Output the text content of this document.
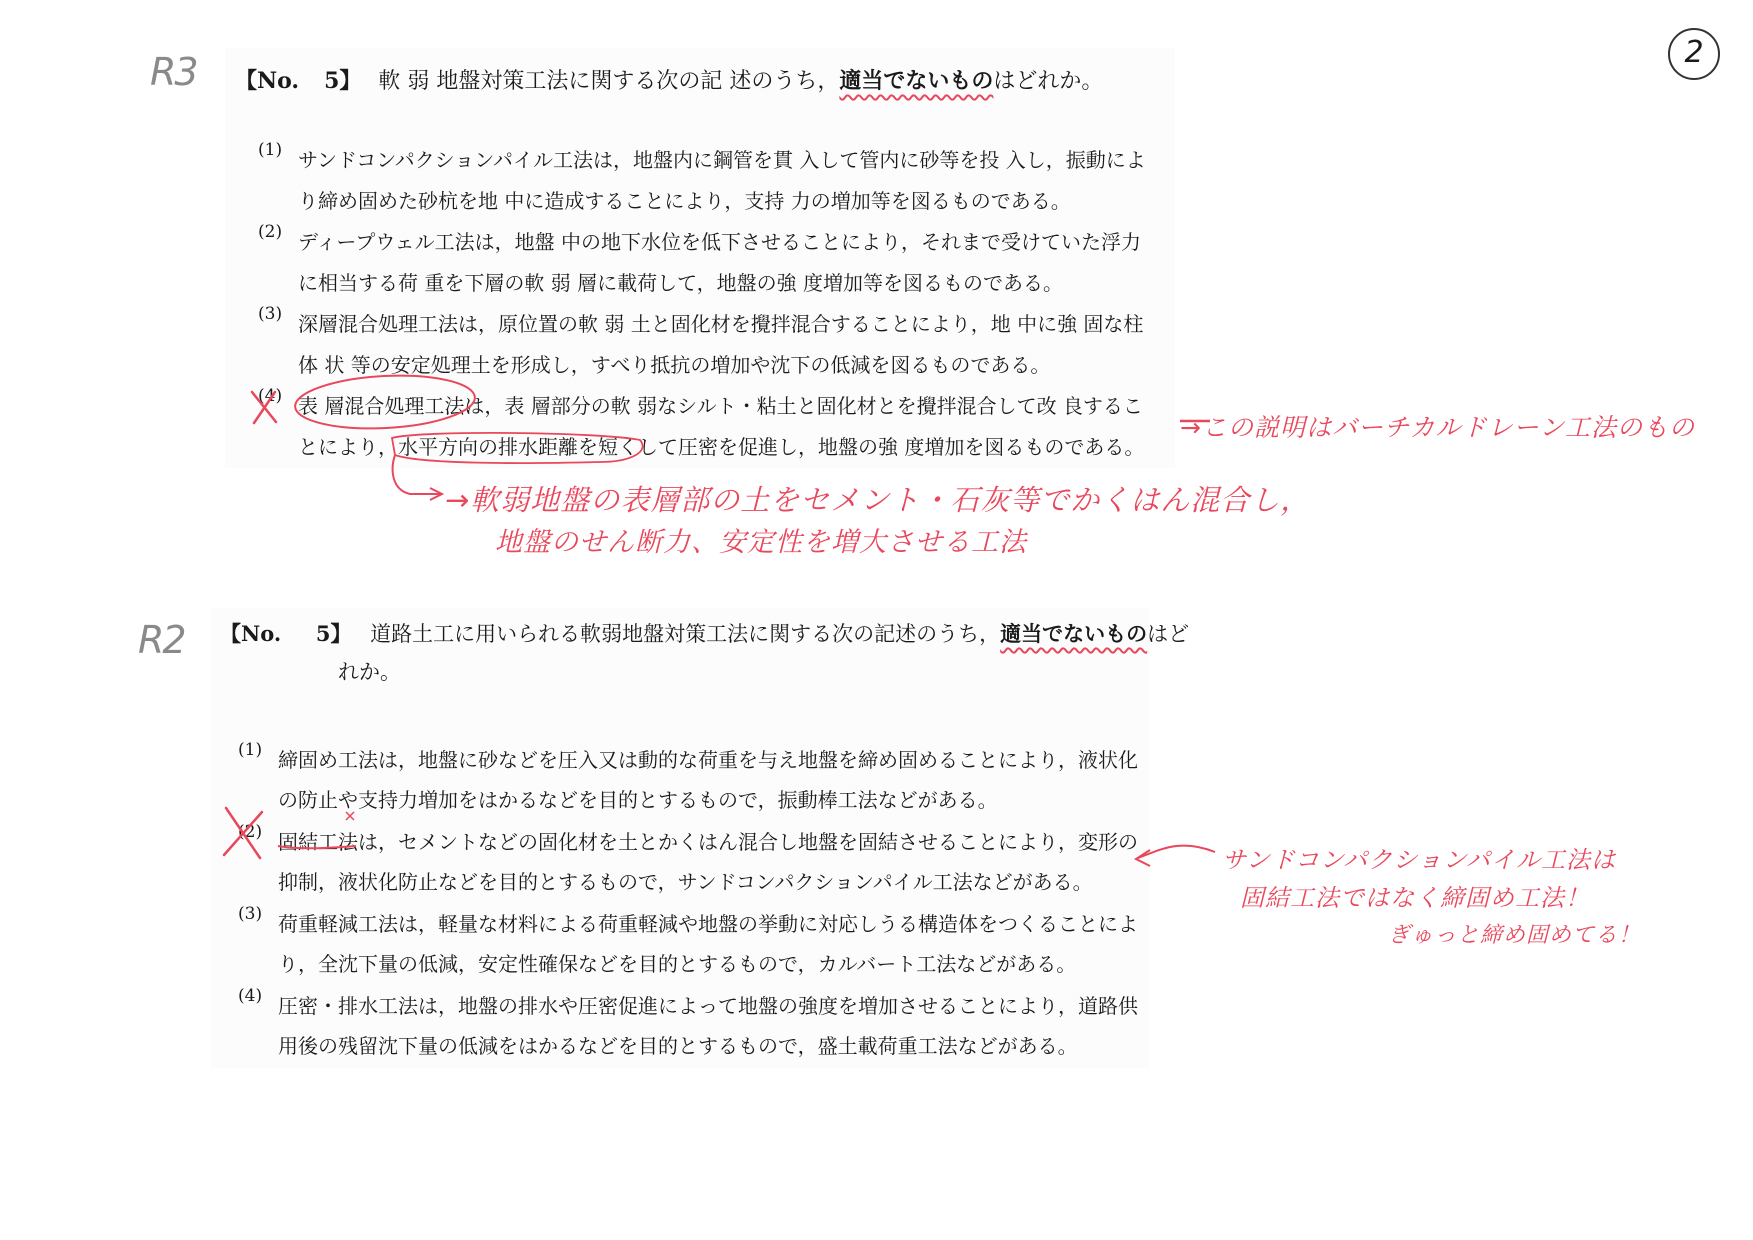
2
R3 【No. 5】 軟 弱 地盤対策工法に関する次の記 述のうち，適当でないものはどれか。
(1) サンドコンパクションパイル工法は，地盤内に鋼管を貫 入して管内に砂等を投 入し，振動により締め固めた砂杭を地 中に造成することにより，支持 力の増加等を図るものである。
(2) ディープウェル工法は，地盤 中の地下水位を低下させることにより，それまで受けていた浮力に相当する荷 重を下層の軟 弱 層に載荷して，地盤の強 度増加等を図るものである。
(3) 深層混合処理工法は，原位置の軟 弱 土と固化材を攪拌混合することにより，地 中に強 固な柱体 状 等の安定処理土を形成し，すべり抵抗の増加や沈下の低減を図るものである。
(4) 表 層混合処理工法は，表 層部分の軟 弱なシルト・粘土と固化材とを攪拌混合して改 良することにより，水平方向の排水距離を短くして圧密を促進し，地盤の強 度増加を図るものである。
→この説明はバーチカルドレーン工法のもの
→軟弱地盤の表層部の土をセメント・石灰等でかくはん混合し，
地盤のせん断力、安定性を増大させる工法
R2 【No. 5】 道路土工に用いられる軟弱地盤対策工法に関する次の記述のうち，適当でないものはど
れか。
(1) 締固め工法は，地盤に砂などを圧入又は動的な荷重を与え地盤を締め固めることにより，液状化の防止や支持力増加をはかるなどを目的とするもので，振動棒工法などがある。
(2) 固結工法は，セメントなどの固化材を土とかくはん混合し地盤を固結させることにより，変形の抑制，液状化防止などを目的とするもので，サンドコンパクションパイル工法などがある。
(3) 荷重軽減工法は，軽量な材料による荷重軽減や地盤の挙動に対応しうる構造体をつくることにより，全沈下量の低減，安定性確保などを目的とするもので，カルバート工法などがある。
(4) 圧密・排水工法は，地盤の排水や圧密促進によって地盤の強度を増加させることにより，道路供用後の残留沈下量の低減をはかるなどを目的とするもので，盛土載荷重工法などがある。
サンドコンパクションパイル工法は
固結工法ではなく締固め工法！
ぎゅっと締め固めてる！
